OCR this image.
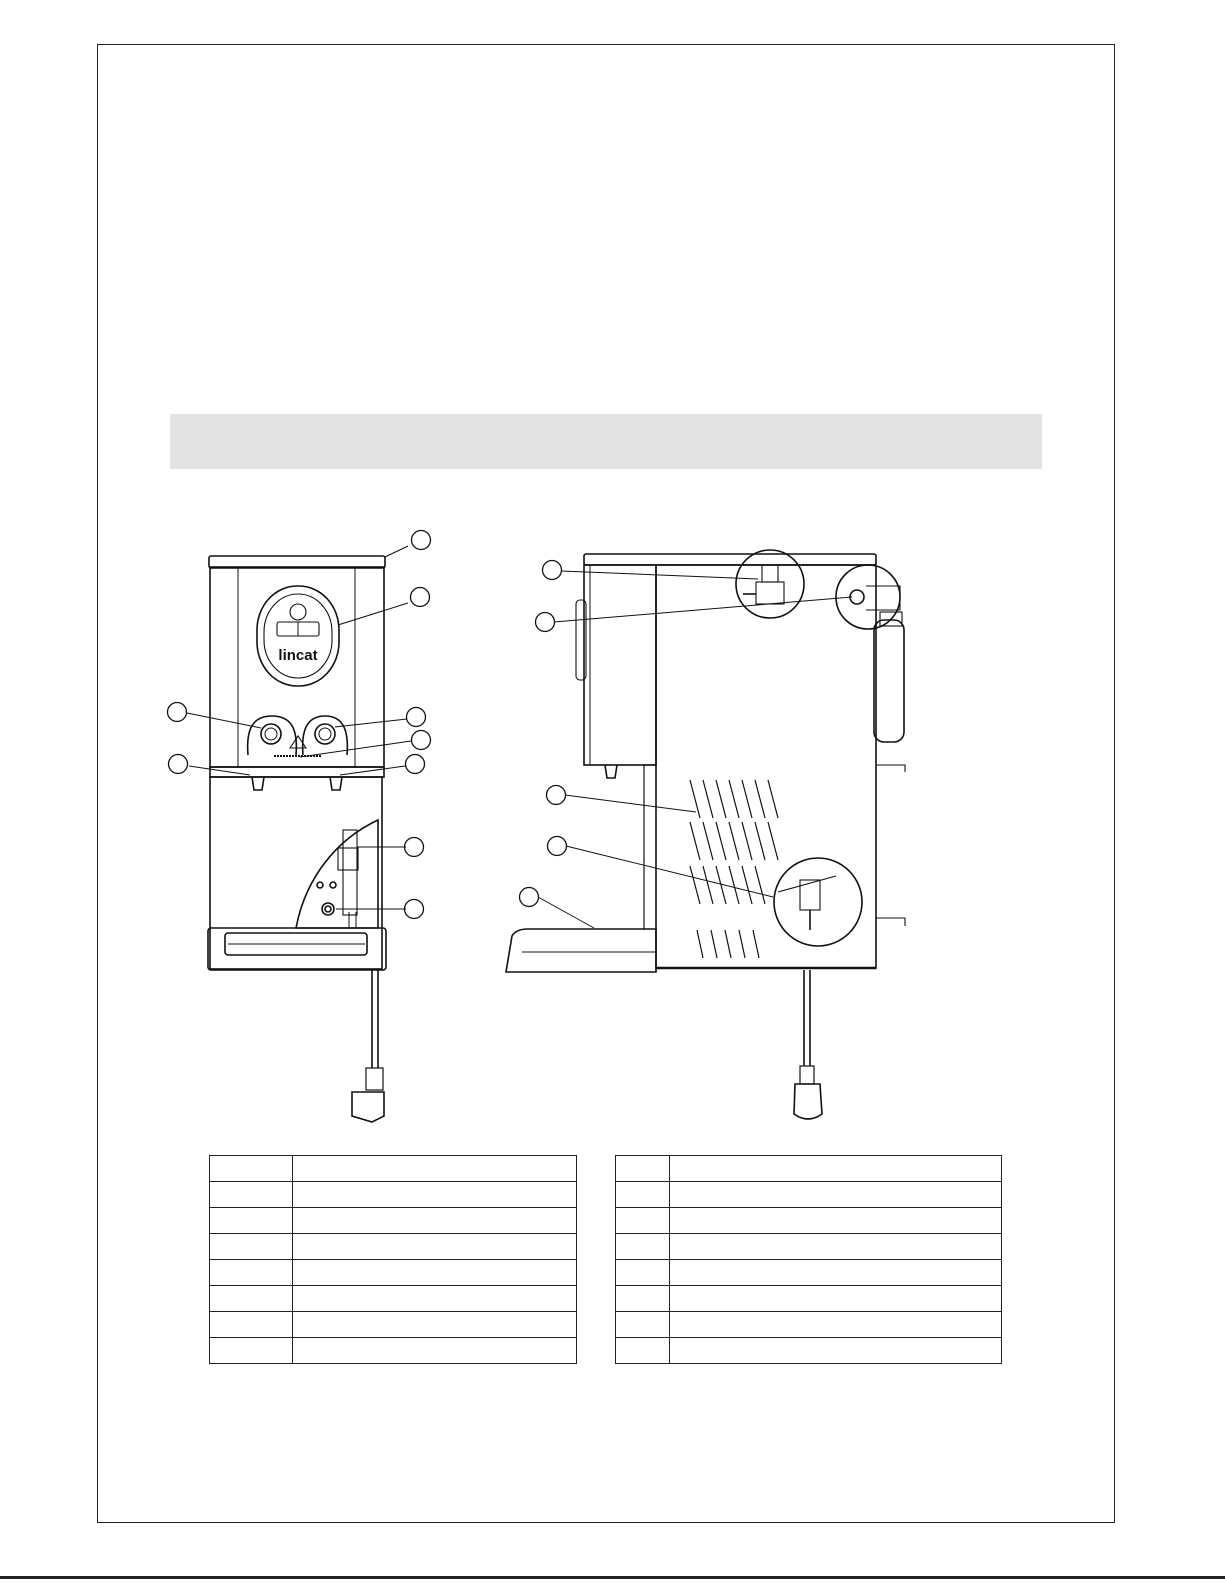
lincat
